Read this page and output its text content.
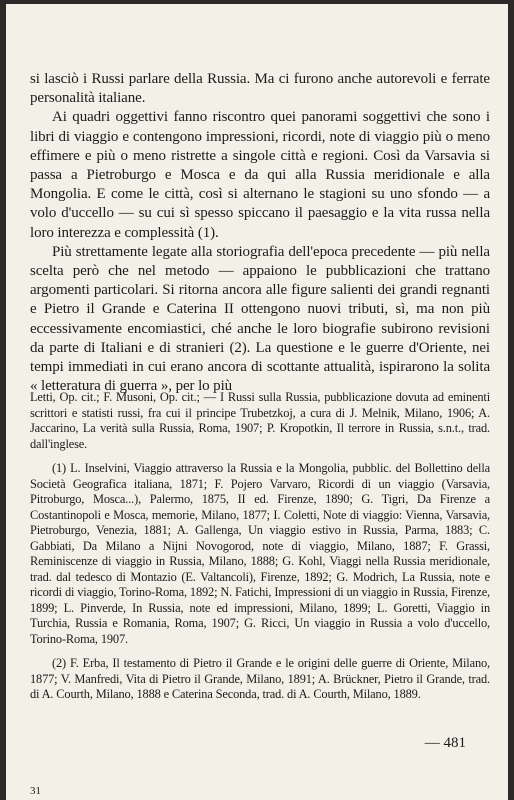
si lasciò i Russi parlare della Russia. Ma ci furono anche autorevoli e ferrate personalità italiane.

Ai quadri oggettivi fanno riscontro quei panorami soggettivi che sono i libri di viaggio e contengono impressioni, ricordi, note di viaggio più o meno effimere e più o meno ristrette a singole città e regioni. Così da Varsavia si passa a Pietroburgo e Mosca e da qui alla Russia meridionale e alla Mongolia. E come le città, così si alternano le stagioni su uno sfondo — a volo d'uccello — su cui sì spesso spiccano il paesaggio e la vita russa nella loro interezza e complessità (1).

Più strettamente legate alla storiografia dell'epoca precedente — più nella scelta però che nel metodo — appaiono le pubblicazioni che trattano argomenti particolari. Si ritorna ancora alle figure salienti dei grandi regnanti e Pietro il Grande e Caterina II ottengono nuovi tributi, sì, ma non più eccessivamente encomiastici, ché anche le loro biografie subirono revisioni da parte di Italiani e di stranieri (2). La questione e le guerre d'Oriente, nei tempi immediati in cui erano ancora di scottante attualità, ispirarono la solita « letteratura di guerra », per lo più

Letti, Op. cit.; F. Musoni, Op. cit.; — I Russi sulla Russia, pubblicazione dovuta ad eminenti scrittori e statisti russi, fra cui il principe Trubetzkoj, a cura di J. Melnik, Milano, 1906; A. Jaccarino, La verità sulla Russia, Roma, 1907; P. Kropotkin, Il terrore in Russia, s.n.t., trad. dall'inglese.

(1) L. Inselvini, Viaggio attraverso la Russia e la Mongolia, pubblic. del Bollettino della Società Geografica italiana, 1871; F. Pojero Varvaro, Ricordi di un viaggio (Varsavia, Pitroburgo, Mosca...), Palermo, 1875, II ed. Firenze, 1890; G. Tigri, Da Firenze a Costantinopoli e Mosca, memorie, Milano, 1877; I. Coletti, Note di viaggio: Vienna, Varsavia, Pietroburgo, Venezia, 1881; A. Gallenga, Un viaggio estivo in Russia, Parma, 1883; C. Gabbiati, Da Milano a Nijni Novogorod, note di viaggio, Milano, 1887; F. Grassi, Reminiscenze di viaggio in Russia, Milano, 1888; G. Kohl, Viaggi nella Russia meridionale, trad. dal tedesco di Montazio (E. Valtancoli), Firenze, 1892; G. Modrich, La Russia, note e ricordi di viaggio, Torino-Roma, 1892; N. Fatichi, Impressioni di un viaggio in Russia, Firenze, 1899; L. Pinverde, In Russia, note ed impressioni, Milano, 1899; L. Goretti, Viaggio in Turchia, Russia e Romania, Roma, 1907; G. Ricci, Un viaggio in Russia a volo d'uccello, Torino-Roma, 1907.

(2) F. Erba, Il testamento di Pietro il Grande e le origini delle guerre di Oriente, Milano, 1877; V. Manfredi, Vita di Pietro il Grande, Milano, 1891; A. Brückner, Pietro il Grande, trad. di A. Courth, Milano, 1888 e Caterina Seconda, trad. di A. Courth, Milano, 1889.

— 481
31
